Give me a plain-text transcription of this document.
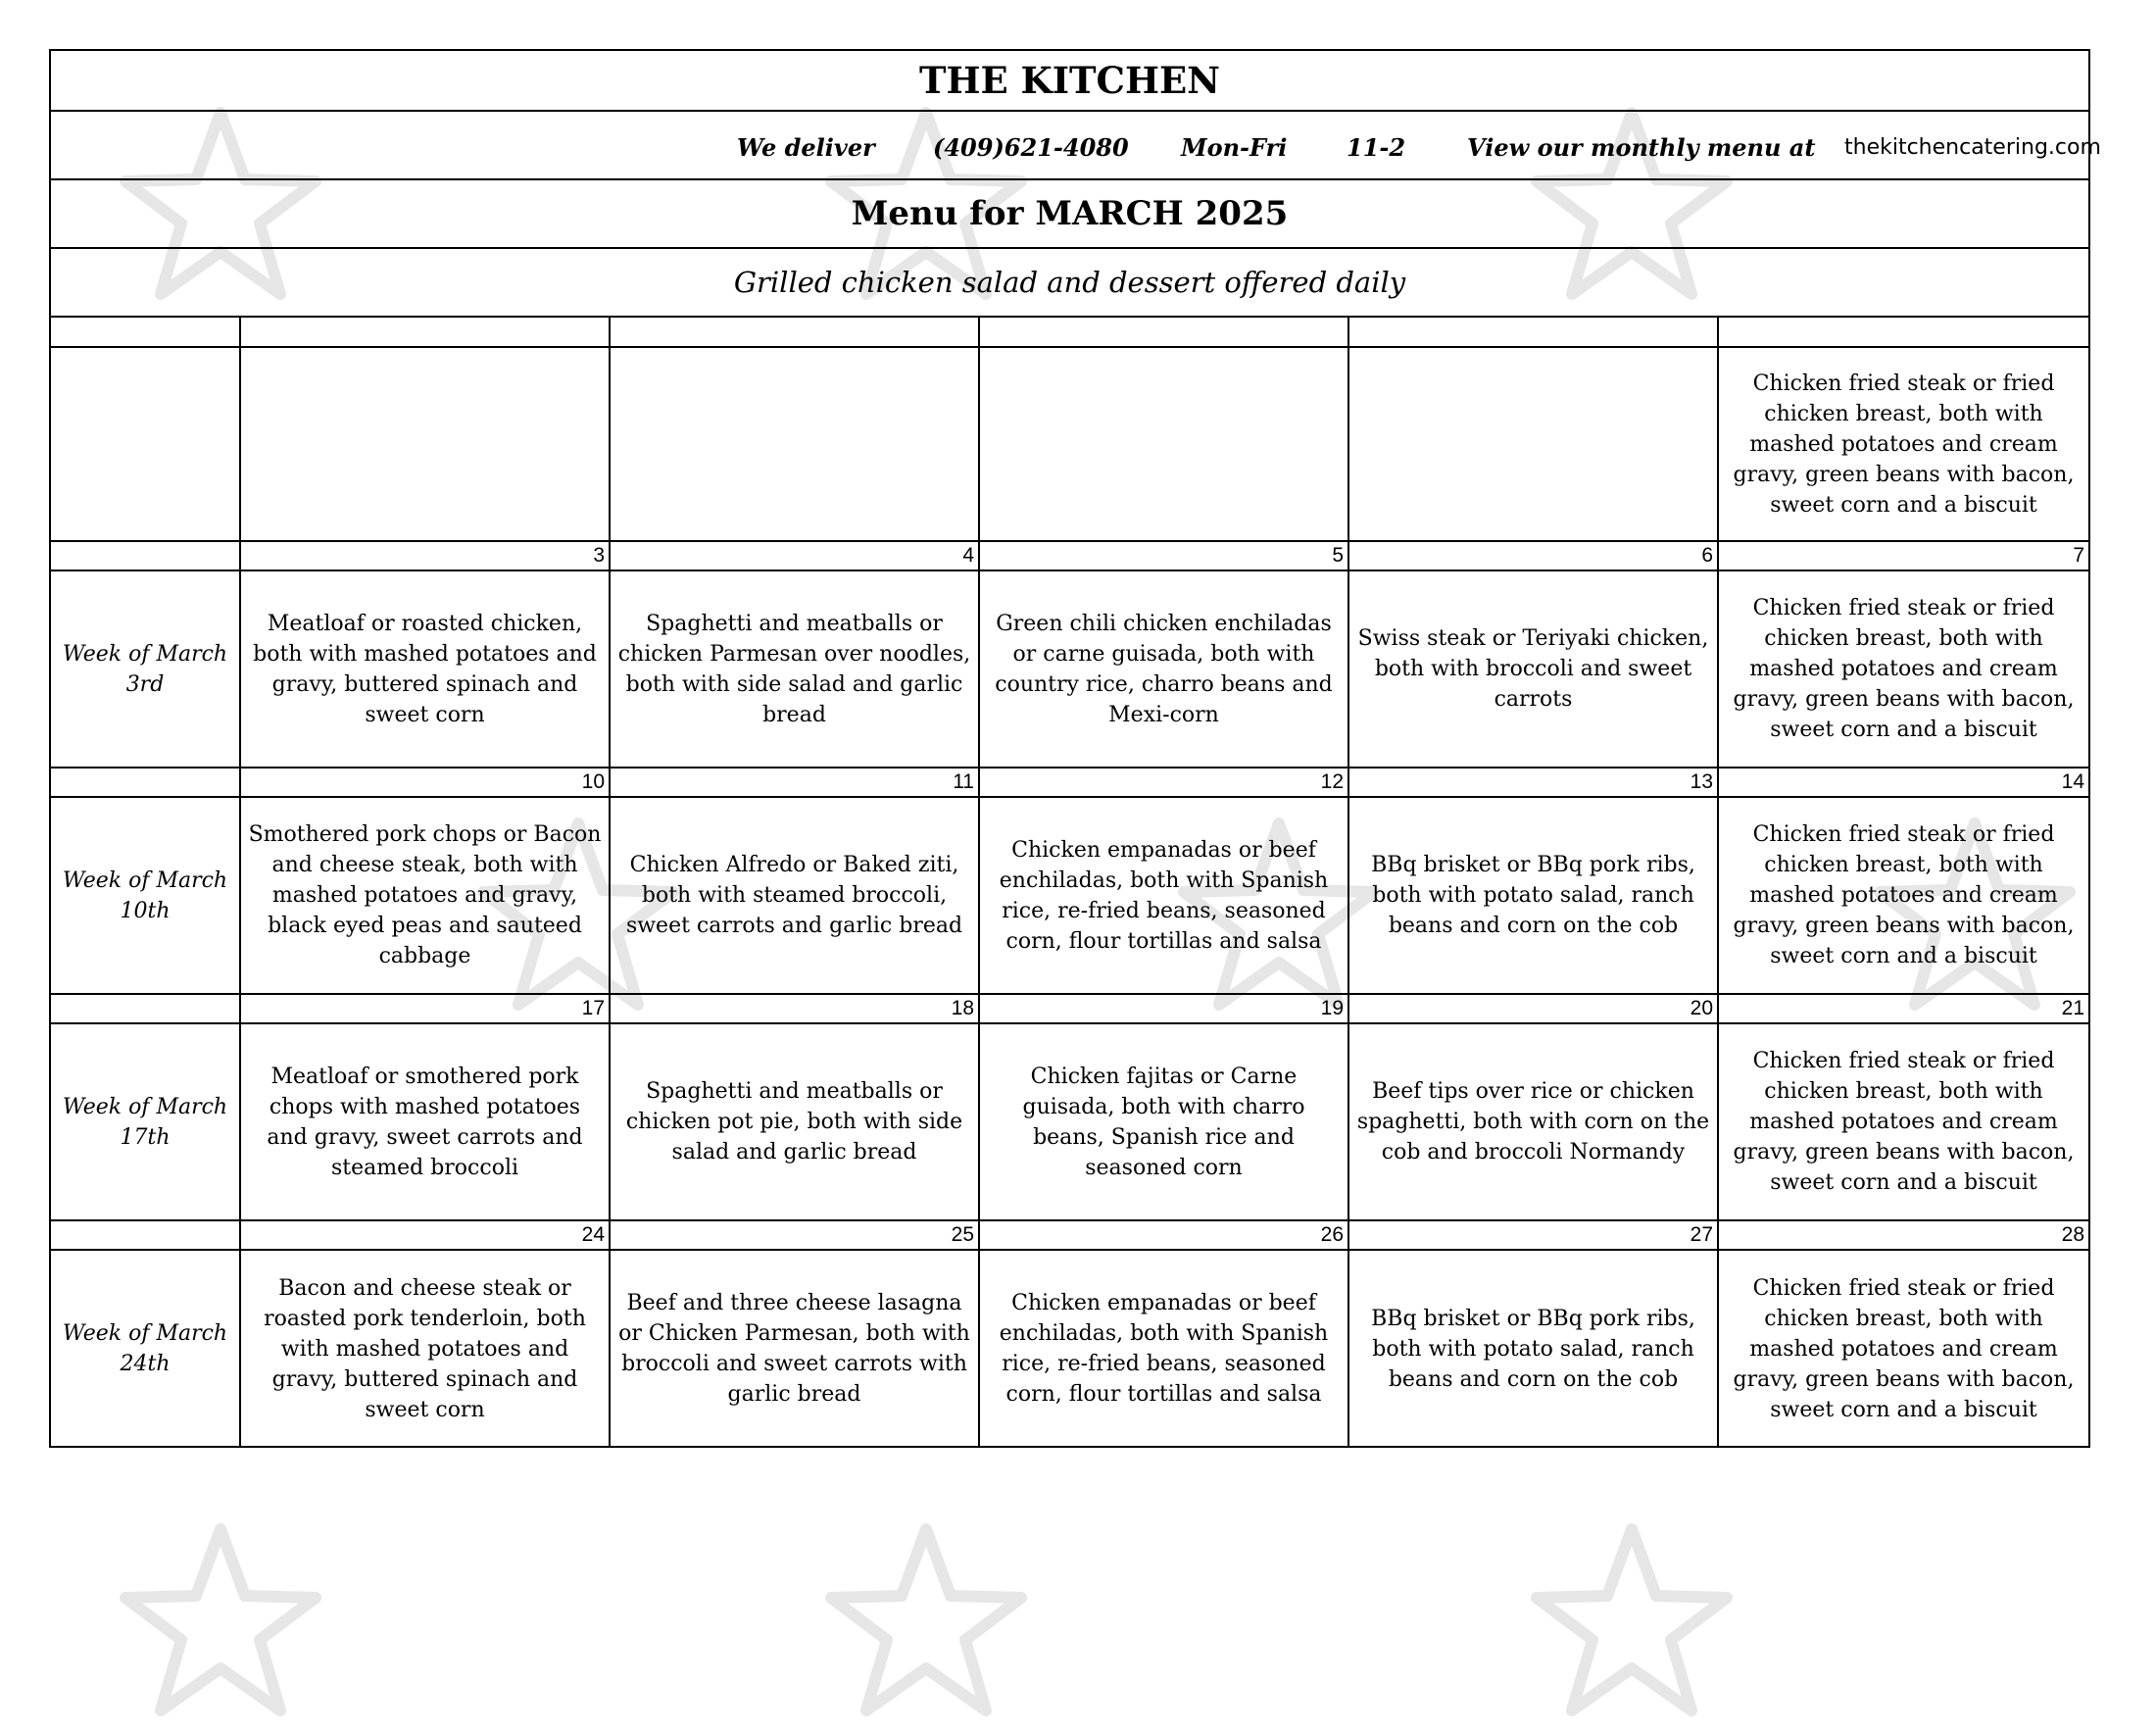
THE KITCHEN
We deliver (409)621-4080 Mon-Fri	11-2	View our monthly menu at thekitchencatering.com
Menu for MARCH 2025
Grilled chicken salad and dessert offered daily

					Chicken fried steak or fried chicken breast, both with mashed potatoes and cream gravy, green beans with bacon, sweet corn and a biscuit
	3	4	5	6	7
Week of March 3rd	Meatloaf or roasted chicken, both with mashed potatoes and gravy, buttered spinach and sweet corn	Spaghetti and meatballs or chicken Parmesan over noodles, both with side salad and garlic bread	Green chili chicken enchiladas or carne guisada, both with country rice, charro beans and Mexi-corn	Swiss steak or Teriyaki chicken, both with broccoli and sweet carrots	Chicken fried steak or fried chicken breast, both with mashed potatoes and cream gravy, green beans with bacon, sweet corn and a biscuit
	10	11	12	13	14
Week of March 10th	Smothered pork chops or Bacon and cheese steak, both with mashed potatoes and gravy, black eyed peas and sauteed cabbage	Chicken Alfredo or Baked ziti, both with steamed broccoli, sweet carrots and garlic bread	Chicken empanadas or beef enchiladas, both with Spanish rice, re-fried beans, seasoned corn, flour tortillas and salsa	BBq brisket or BBq pork ribs, both with potato salad, ranch beans and corn on the cob	Chicken fried steak or fried chicken breast, both with mashed potatoes and cream gravy, green beans with bacon, sweet corn and a biscuit
	17	18	19	20	21
Week of March 17th	Meatloaf or smothered pork chops with mashed potatoes and gravy, sweet carrots and steamed broccoli	Spaghetti and meatballs or chicken pot pie, both with side salad and garlic bread	Chicken fajitas or Carne guisada, both with charro beans, Spanish rice and seasoned corn	Beef tips over rice or chicken spaghetti, both with corn on the cob and broccoli Normandy	Chicken fried steak or fried chicken breast, both with mashed potatoes and cream gravy, green beans with bacon, sweet corn and a biscuit
	24	25	26	27	28
Week of March 24th	Bacon and cheese steak or roasted pork tenderloin, both with mashed potatoes and gravy, buttered spinach and sweet corn	Beef and three cheese lasagna or Chicken Parmesan, both with broccoli and sweet carrots with garlic bread	Chicken empanadas or beef enchiladas, both with Spanish rice, re-fried beans, seasoned corn, flour tortillas and salsa	BBq brisket or BBq pork ribs, both with potato salad, ranch beans and corn on the cob	Chicken fried steak or fried chicken breast, both with mashed potatoes and cream gravy, green beans with bacon, sweet corn and a biscuit
